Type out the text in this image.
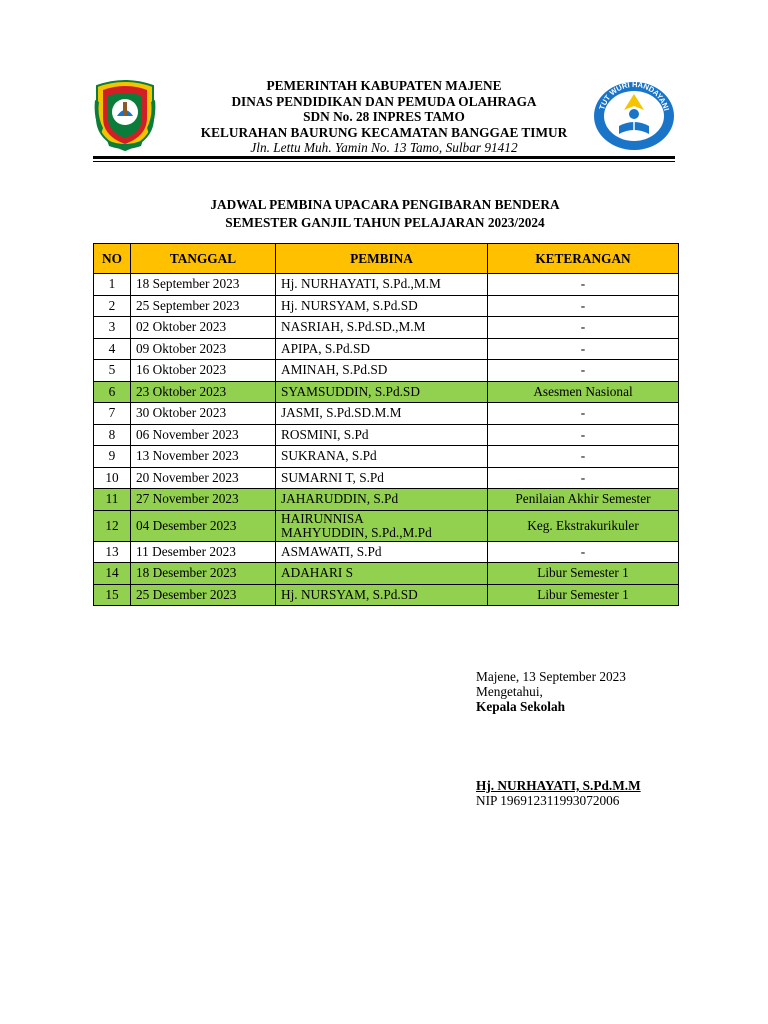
PEMERINTAH KABUPATEN MAJENE
DINAS PENDIDIKAN DAN PEMUDA OLAHRAGA
SDN No. 28 INPRES TAMO
KELURAHAN BAURUNG KECAMATAN BANGGAE TIMUR
Jln. Lettu Muh. Yamin No. 13 Tamo, Sulbar 91412
TUT WURI HANDAYANI
JADWAL PEMBINA UPACARA PENGIBARAN BENDERA
SEMESTER GANJIL TAHUN PELAJARAN 2023/2024
NO	TANGGAL	PEMBINA	KETERANGAN
1	18 September 2023	Hj. NURHAYATI, S.Pd.,M.M	-
2	25 September 2023	Hj. NURSYAM, S.Pd.SD	-
3	02 Oktober 2023	NASRIAH, S.Pd.SD.,M.M	-
4	09 Oktober 2023	APIPA, S.Pd.SD	-
5	16 Oktober 2023	AMINAH, S.Pd.SD	-
6	23 Oktober 2023	SYAMSUDDIN, S.Pd.SD	Asesmen Nasional
7	30 Oktober 2023	JASMI, S.Pd.SD.M.M	-
8	06 November 2023	ROSMINI, S.Pd	-
9	13 November 2023	SUKRANA, S.Pd	-
10	20 November 2023	SUMARNI T, S.Pd	-
11	27 November 2023	JAHARUDDIN, S.Pd	Penilaian Akhir Semester
12	04 Desember 2023	HAIRUNNISA
MAHYUDDIN, S.Pd.,M.Pd	Keg. Ekstrakurikuler
13	11 Desember 2023	ASMAWATI, S.Pd	-
14	18 Desember 2023	ADAHARI S	Libur Semester 1
15	25 Desember 2023	Hj. NURSYAM, S.Pd.SD	Libur Semester 1
Majene, 13 September 2023
Mengetahui,
Kepala Sekolah
Hj. NURHAYATI, S.Pd.M.M
NIP 196912311993072006
